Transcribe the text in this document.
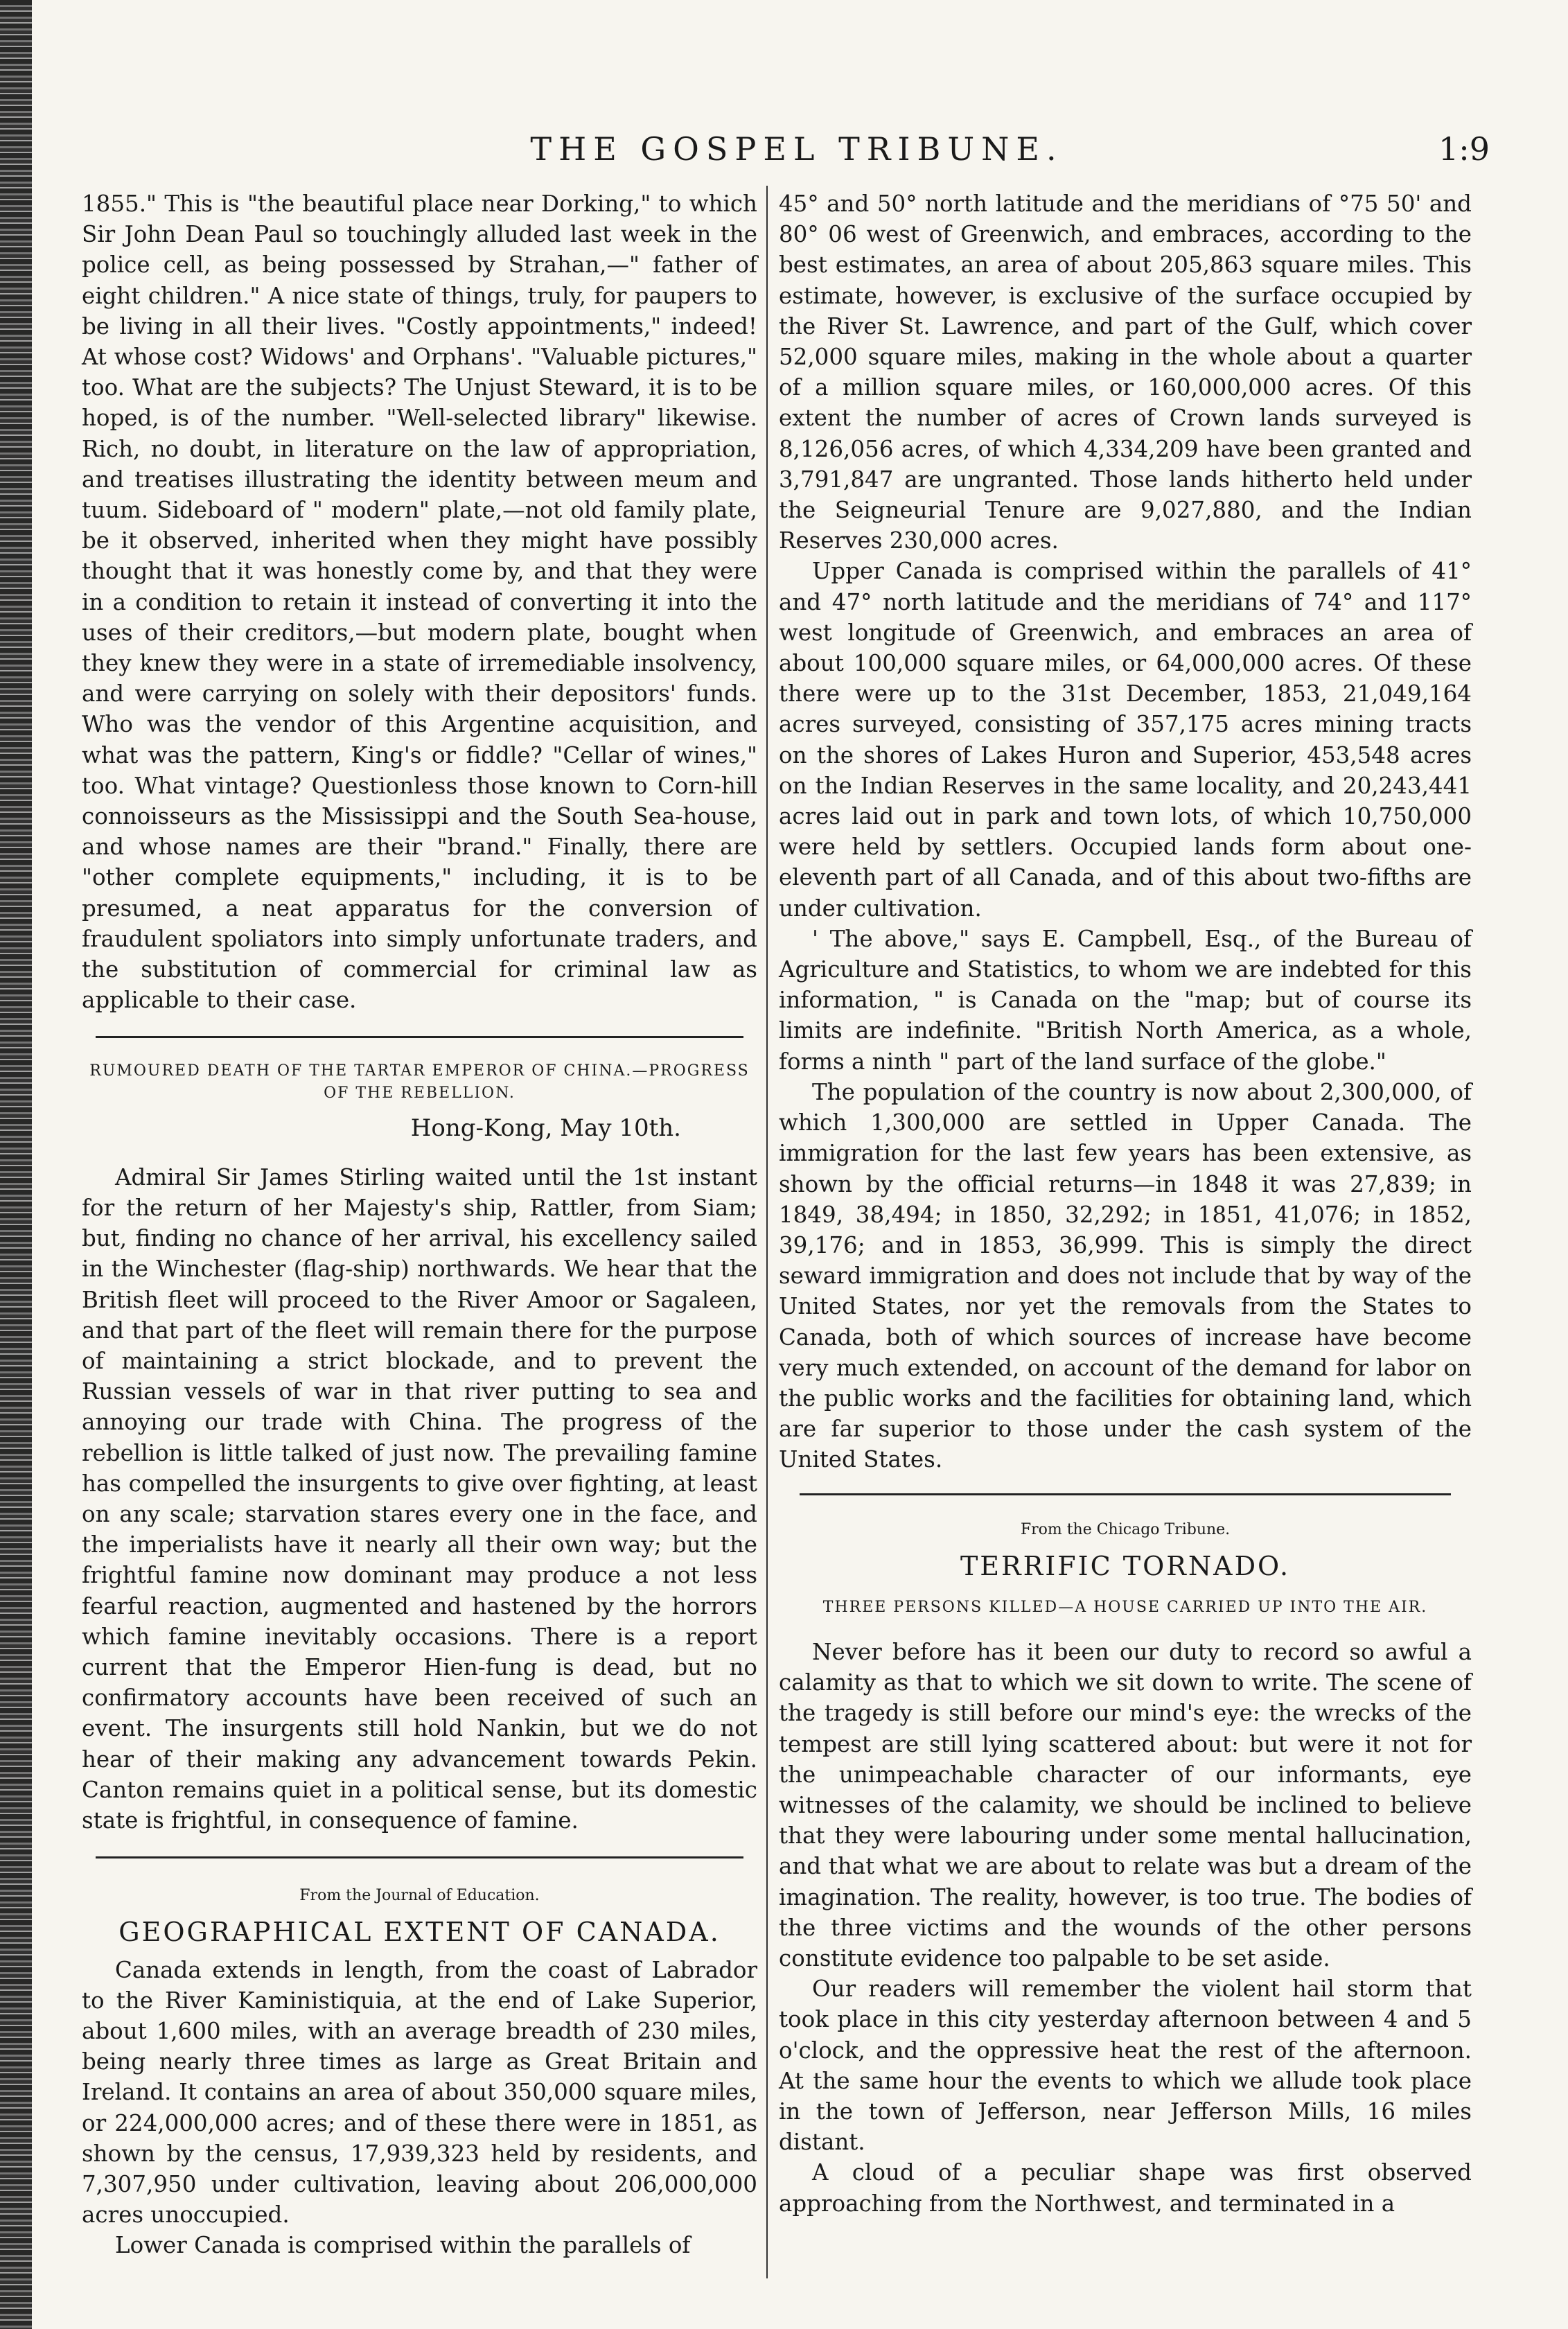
THE GOSPEL TRIBUNE.	1:9

1855." This is "the beautiful place near Dorking," to which Sir John Dean Paul so touchingly alluded last week in the police cell, as being possessed by Strahan,—" father of eight children." A nice state of things, truly, for paupers to be living in all their lives. "Costly appointments," indeed! At whose cost? Widows' and Orphans'. "Valuable pictures," too. What are the subjects? The Unjust Steward, it is to be hoped, is of the number. "Well-selected library" likewise. Rich, no doubt, in literature on the law of appropriation, and treatises illustrating the identity between meum and tuum. Sideboard of " modern" plate,—not old family plate, be it observed, inherited when they might have possibly thought that it was honestly come by, and that they were in a condition to retain it instead of converting it into the uses of their creditors,—but modern plate, bought when they knew they were in a state of irremediable insolvency, and were carrying on solely with their depositors' funds. Who was the vendor of this Argentine acquisition, and what was the pattern, King's or fiddle? "Cellar of wines," too. What vintage? Questionless those known to Corn-hill connoisseurs as the Mississippi and the South Sea-house, and whose names are their "brand." Finally, there are "other complete equipments," including, it is to be presumed, a neat apparatus for the conversion of fraudulent spoliators into simply unfortunate traders, and the substitution of commercial for criminal law as applicable to their case.

RUMOURED DEATH OF THE TARTAR EMPEROR OF CHINA.—PROGRESS OF THE REBELLION.
Hong-Kong, May 10th.

Admiral Sir James Stirling waited until the 1st instant for the return of her Majesty's ship, Rattler, from Siam; but, finding no chance of her arrival, his excellency sailed in the Winchester (flag-ship) northwards. We hear that the British fleet will proceed to the River Amoor or Sagaleen, and that part of the fleet will remain there for the purpose of maintaining a strict blockade, and to prevent the Russian vessels of war in that river putting to sea and annoying our trade with China. The progress of the rebellion is little talked of just now. The prevailing famine has compelled the insurgents to give over fighting, at least on any scale; starvation stares every one in the face, and the imperialists have it nearly all their own way; but the frightful famine now dominant may produce a not less fearful reaction, augmented and hastened by the horrors which famine inevitably occasions. There is a report current that the Emperor Hien-fung is dead, but no confirmatory accounts have been received of such an event. The insurgents still hold Nankin, but we do not hear of their making any advancement towards Pekin. Canton remains quiet in a political sense, but its domestic state is frightful, in consequence of famine.

From the Journal of Education.
GEOGRAPHICAL EXTENT OF CANADA.

Canada extends in length, from the coast of Labrador to the River Kaministiquia, at the end of Lake Superior, about 1,600 miles, with an average breadth of 230 miles, being nearly three times as large as Great Britain and Ireland. It contains an area of about 350,000 square miles, or 224,000,000 acres; and of these there were in 1851, as shown by the census, 17,939,323 held by residents, and 7,307,950 under cultivation, leaving about 206,000,000 acres unoccupied.

Lower Canada is comprised within the parallels of

45° and 50° north latitude and the meridians of °75 50' and 80° 06 west of Greenwich, and embraces, according to the best estimates, an area of about 205,863 square miles. This estimate, however, is exclusive of the surface occupied by the River St. Lawrence, and part of the Gulf, which cover 52,000 square miles, making in the whole about a quarter of a million square miles, or 160,000,000 acres. Of this extent the number of acres of Crown lands surveyed is 8,126,056 acres, of which 4,334,209 have been granted and 3,791,847 are ungranted. Those lands hitherto held under the Seigneurial Tenure are 9,027,880, and the Indian Reserves 230,000 acres.

Upper Canada is comprised within the parallels of 41° and 47° north latitude and the meridians of 74° and 117° west longitude of Greenwich, and embraces an area of about 100,000 square miles, or 64,000,000 acres. Of these there were up to the 31st December, 1853, 21,049,164 acres surveyed, consisting of 357,175 acres mining tracts on the shores of Lakes Huron and Superior, 453,548 acres on the Indian Reserves in the same locality, and 20,243,441 acres laid out in park and town lots, of which 10,750,000 were held by settlers. Occupied lands form about one-eleventh part of all Canada, and of this about two-fifths are under cultivation.

' The above," says E. Campbell, Esq., of the Bureau of Agriculture and Statistics, to whom we are indebted for this information, " is Canada on the "map; but of course its limits are indefinite. "British North America, as a whole, forms a ninth " part of the land surface of the globe."

The population of the country is now about 2,300,000, of which 1,300,000 are settled in Upper Canada. The immigration for the last few years has been extensive, as shown by the official returns—in 1848 it was 27,839; in 1849, 38,494; in 1850, 32,292; in 1851, 41,076; in 1852, 39,176; and in 1853, 36,999. This is simply the direct seward immigration and does not include that by way of the United States, nor yet the removals from the States to Canada, both of which sources of increase have become very much extended, on account of the demand for labor on the public works and the facilities for obtaining land, which are far superior to those under the cash system of the United States.

From the Chicago Tribune.
TERRIFIC TORNADO.
THREE PERSONS KILLED—A HOUSE CARRIED UP INTO THE AIR.

Never before has it been our duty to record so awful a calamity as that to which we sit down to write. The scene of the tragedy is still before our mind's eye: the wrecks of the tempest are still lying scattered about: but were it not for the unimpeachable character of our informants, eye witnesses of the calamity, we should be inclined to believe that they were labouring under some mental hallucination, and that what we are about to relate was but a dream of the imagination. The reality, however, is too true. The bodies of the three victims and the wounds of the other persons constitute evidence too palpable to be set aside.

Our readers will remember the violent hail storm that took place in this city yesterday afternoon between 4 and 5 o'clock, and the oppressive heat the rest of the afternoon. At the same hour the events to which we allude took place in the town of Jefferson, near Jefferson Mills, 16 miles distant.

A cloud of a peculiar shape was first observed approaching from the Northwest, and terminated in a
